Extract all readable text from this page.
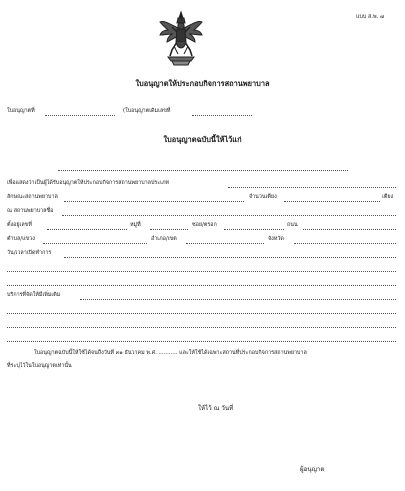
แบบ ส.พ. ๗
ใบอนุญาตให้ประกอบกิจการสถานพยาบาล
ใบอนุญาตที่	(ใบอนุญาตเดิมเลขที่
ใบอนุญาตฉบับนี้ให้ไว้แก่
เพื่อแสดงว่าเป็นผู้ได้รับอนุญาตให้ประกอบกิจการสถานพยาบาลประเภท
ลักษณะสถานพยาบาล	จำนวนเตียง	เตียง
ณ สถานพยาบาลชื่อ
ตั้งอยู่เลขที่	หมู่ที่	ซอย/ตรอก	ถนน
ตำบล/แขวง	อำเภอ/เขต	จังหวัด
วัน/เวลาเปิดทำการ
บริการที่จัดให้มีเพิ่มเติม
ใบอนุญาตฉบับนี้ให้ใช้ได้จนถึงวันที่ ๓๑ ธันวาคม พ.ศ. ........... และให้ใช้ได้เฉพาะสถานที่ประกอบกิจการสถานพยาบาล
ที่ระบุไว้ในใบอนุญาตเท่านั้น
ให้ไว้ ณ วันที่
ผู้อนุญาต
